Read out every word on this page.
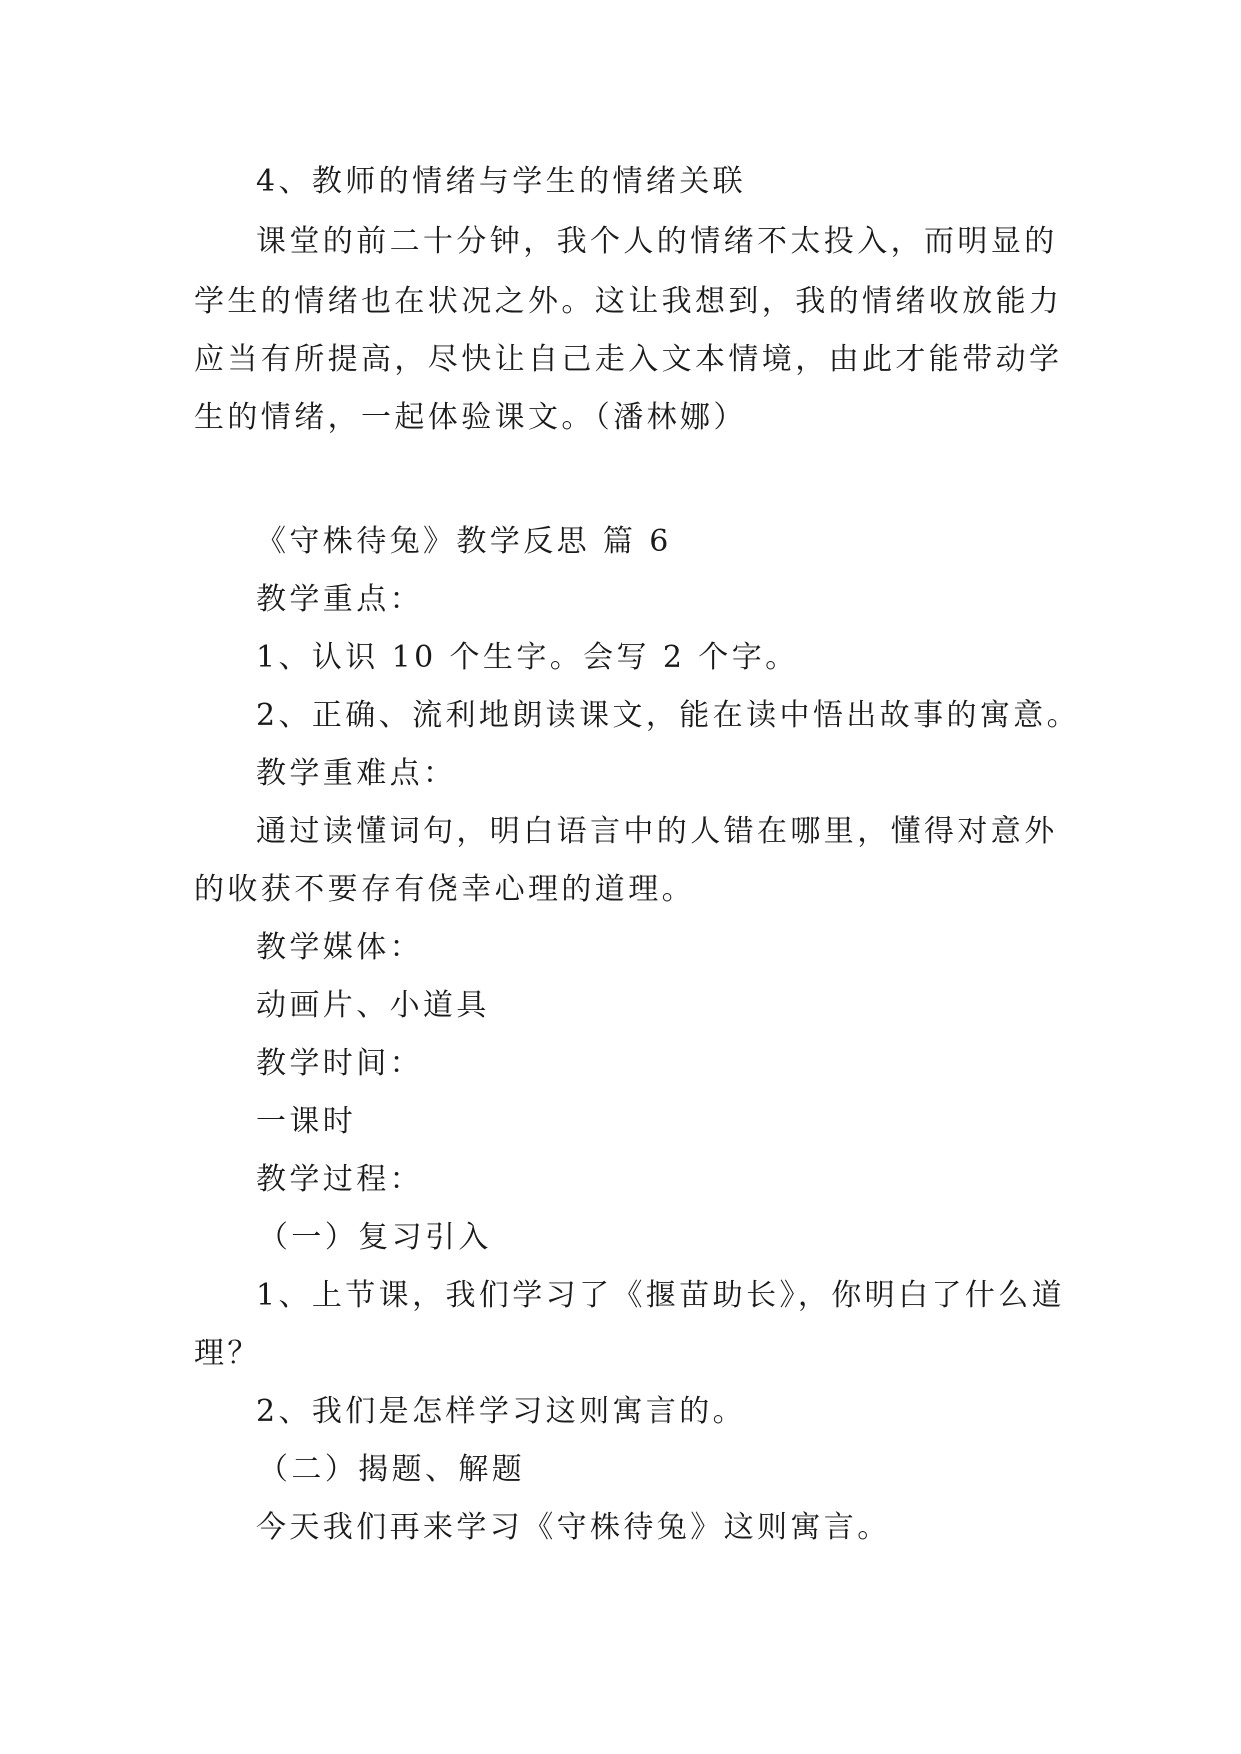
4、教师的情绪与学生的情绪关联
课堂的前二十分钟，我个人的情绪不太投入，而明显的
学生的情绪也在状况之外。这让我想到，我的情绪收放能力
应当有所提高，尽快让自己走入文本情境，由此才能带动学
生的情绪，一起体验课文。（潘林娜）
《守株待兔》教学反思 篇 6
教学重点：
1、认识 10 个生字。会写 2 个字。
2、正确、流利地朗读课文，能在读中悟出故事的寓意。
教学重难点：
通过读懂词句，明白语言中的人错在哪里，懂得对意外
的收获不要存有侥幸心理的道理。
教学媒体：
动画片、小道具
教学时间：
一课时
教学过程：
（一）复习引入
1、上节课，我们学习了《揠苗助长》，你明白了什么道
理？
2、我们是怎样学习这则寓言的。
（二）揭题、解题
今天我们再来学习《守株待兔》这则寓言。
